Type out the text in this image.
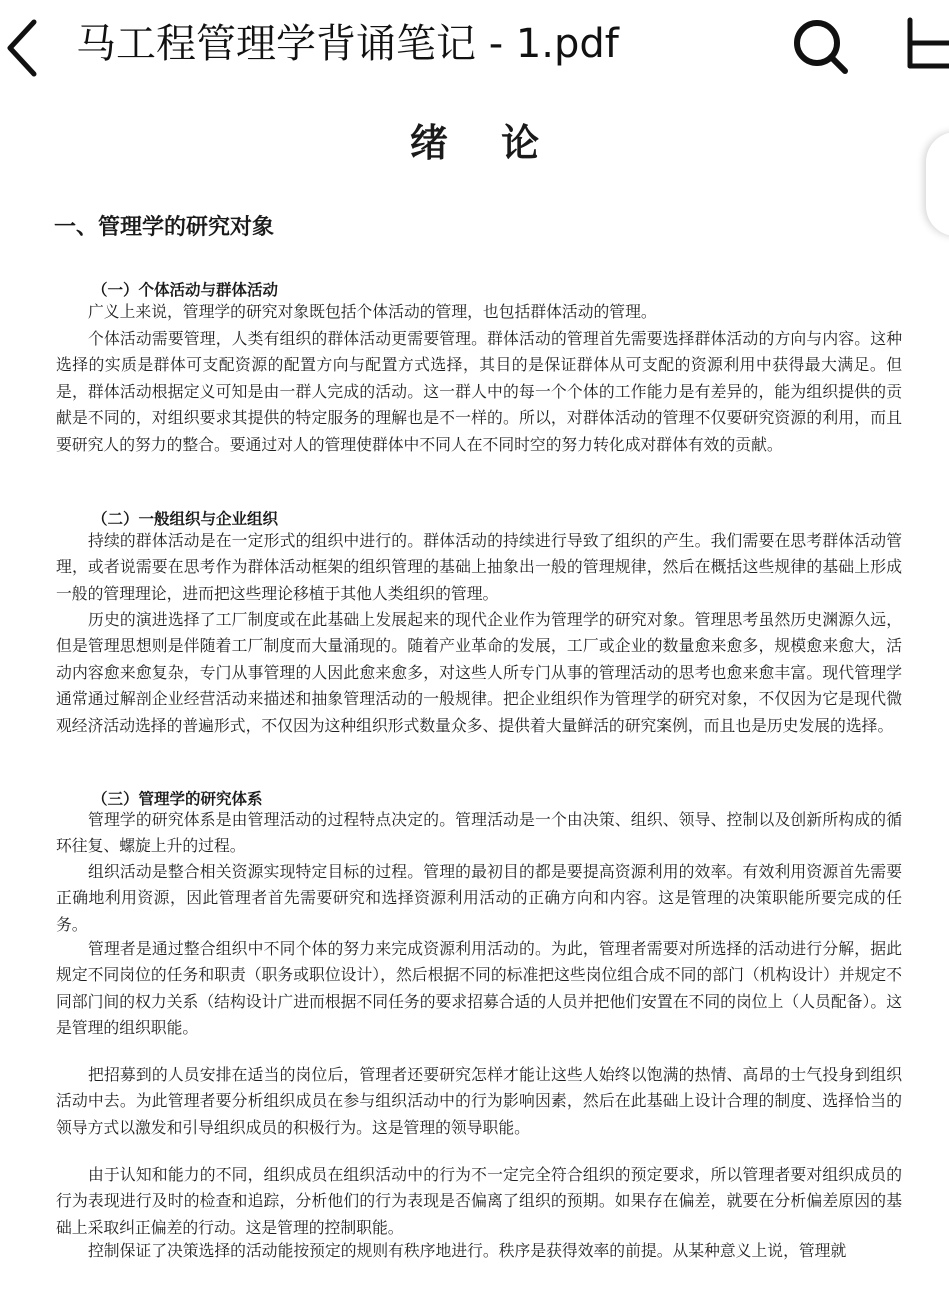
马工程管理学背诵笔记 - 1.pdf
绪 论
一、管理学的研究对象
（一）个体活动与群体活动
广义上来说，管理学的研究对象既包括个体活动的管理，也包括群体活动的管理。
个体活动需要管理，人类有组织的群体活动更需要管理。群体活动的管理首先需要选择群体活动的方向与内容。这种选择的实质是群体可支配资源的配置方向与配置方式选择，其目的是保证群体从可支配的资源利用中获得最大满足。但是，群体活动根据定义可知是由一群人完成的活动。这一群人中的每一个个体的工作能力是有差异的，能为组织提供的贡献是不同的，对组织要求其提供的特定服务的理解也是不一样的。所以，对群体活动的管理不仅要研究资源的利用，而且要研究人的努力的整合。要通过对人的管理使群体中不同人在不同时空的努力转化成对群体有效的贡献。
（二）一般组织与企业组织
持续的群体活动是在一定形式的组织中进行的。群体活动的持续进行导致了组织的产生。我们需要在思考群体活动管理，或者说需要在思考作为群体活动框架的组织管理的基础上抽象出一般的管理规律，然后在概括这些规律的基础上形成一般的管理理论，进而把这些理论移植于其他人类组织的管理。
历史的演进选择了工厂制度或在此基础上发展起来的现代企业作为管理学的研究对象。管理思考虽然历史渊源久远，但是管理思想则是伴随着工厂制度而大量涌现的。随着产业革命的发展，工厂或企业的数量愈来愈多，规模愈来愈大，活动内容愈来愈复杂，专门从事管理的人因此愈来愈多，对这些人所专门从事的管理活动的思考也愈来愈丰富。现代管理学通常通过解剖企业经营活动来描述和抽象管理活动的一般规律。把企业组织作为管理学的研究对象，不仅因为它是现代微观经济活动选择的普遍形式，不仅因为这种组织形式数量众多、提供着大量鲜活的研究案例，而且也是历史发展的选择。
（三）管理学的研究体系
管理学的研究体系是由管理活动的过程特点决定的。管理活动是一个由决策、组织、领导、控制以及创新所构成的循环往复、螺旋上升的过程。
组织活动是整合相关资源实现特定目标的过程。管理的最初目的都是要提高资源利用的效率。有效利用资源首先需要正确地利用资源，因此管理者首先需要研究和选择资源利用活动的正确方向和内容。这是管理的决策职能所要完成的任务。
管理者是通过整合组织中不同个体的努力来完成资源利用活动的。为此，管理者需要对所选择的活动进行分解，据此规定不同岗位的任务和职责（职务或职位设计），然后根据不同的标准把这些岗位组合成不同的部门（机构设计）并规定不同部门间的权力关系（结构设计广进而根据不同任务的要求招募合适的人员并把他们安置在不同的岗位上（人员配备）。这是管理的组织职能。
把招募到的人员安排在适当的岗位后，管理者还要研究怎样才能让这些人始终以饱满的热情、高昂的士气投身到组织活动中去。为此管理者要分析组织成员在参与组织活动中的行为影响因素，然后在此基础上设计合理的制度、选择恰当的领导方式以激发和引导组织成员的积极行为。这是管理的领导职能。
由于认知和能力的不同，组织成员在组织活动中的行为不一定完全符合组织的预定要求，所以管理者要对组织成员的行为表现进行及时的检查和追踪，分析他们的行为表现是否偏离了组织的预期。如果存在偏差，就要在分析偏差原因的基础上采取纠正偏差的行动。这是管理的控制职能。
控制保证了决策选择的活动能按预定的规则有秩序地进行。秩序是获得效率的前提。从某种意义上说，管理就
